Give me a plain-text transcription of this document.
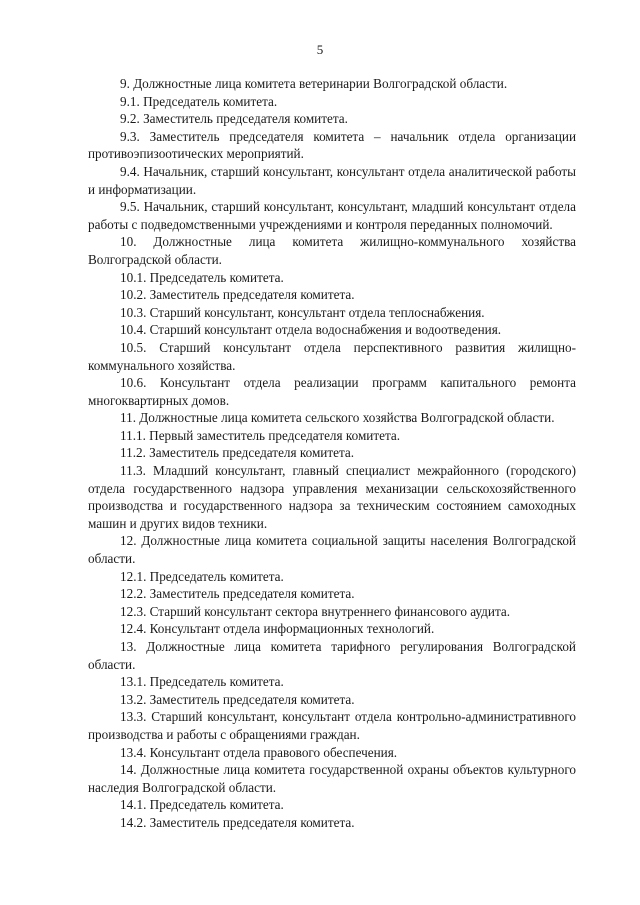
5

9. Должностные лица комитета ветеринарии Волгоградской области.

9.1. Председатель комитета.

9.2. Заместитель председателя комитета.

9.3. Заместитель председателя комитета – начальник отдела организации противоэпизоотических мероприятий.

9.4. Начальник, старший консультант, консультант отдела аналитической работы и информатизации.

9.5. Начальник, старший консультант, консультант, младший консультант отдела работы с подведомственными учреждениями и контроля переданных полномочий.

10. Должностные лица комитета жилищно-коммунального хозяйства Волгоградской области.

10.1. Председатель комитета.

10.2. Заместитель председателя комитета.

10.3. Старший консультант, консультант отдела теплоснабжения.

10.4. Старший консультант отдела водоснабжения и водоотведения.

10.5. Старший консультант отдела перспективного развития жилищно-коммунального хозяйства.

10.6. Консультант отдела реализации программ капитального ремонта многоквартирных домов.

11. Должностные лица комитета сельского хозяйства Волгоградской области.

11.1. Первый заместитель председателя комитета.

11.2. Заместитель председателя комитета.

11.3. Младший консультант, главный специалист межрайонного (городского) отдела государственного надзора управления механизации сельскохозяйственного производства и государственного надзора за техническим состоянием самоходных машин и других видов техники.

12. Должностные лица комитета социальной защиты населения Волгоградской области.

12.1. Председатель комитета.

12.2. Заместитель председателя комитета.

12.3. Старший консультант сектора внутреннего финансового аудита.

12.4. Консультант отдела информационных технологий.

13. Должностные лица комитета тарифного регулирования Волгоградской области.

13.1. Председатель комитета.

13.2. Заместитель председателя комитета.

13.3. Старший консультант, консультант отдела контрольно-административного производства и работы с обращениями граждан.

13.4. Консультант отдела правового обеспечения.

14. Должностные лица комитета государственной охраны объектов культурного наследия Волгоградской области.

14.1. Председатель комитета.

14.2. Заместитель председателя комитета.
